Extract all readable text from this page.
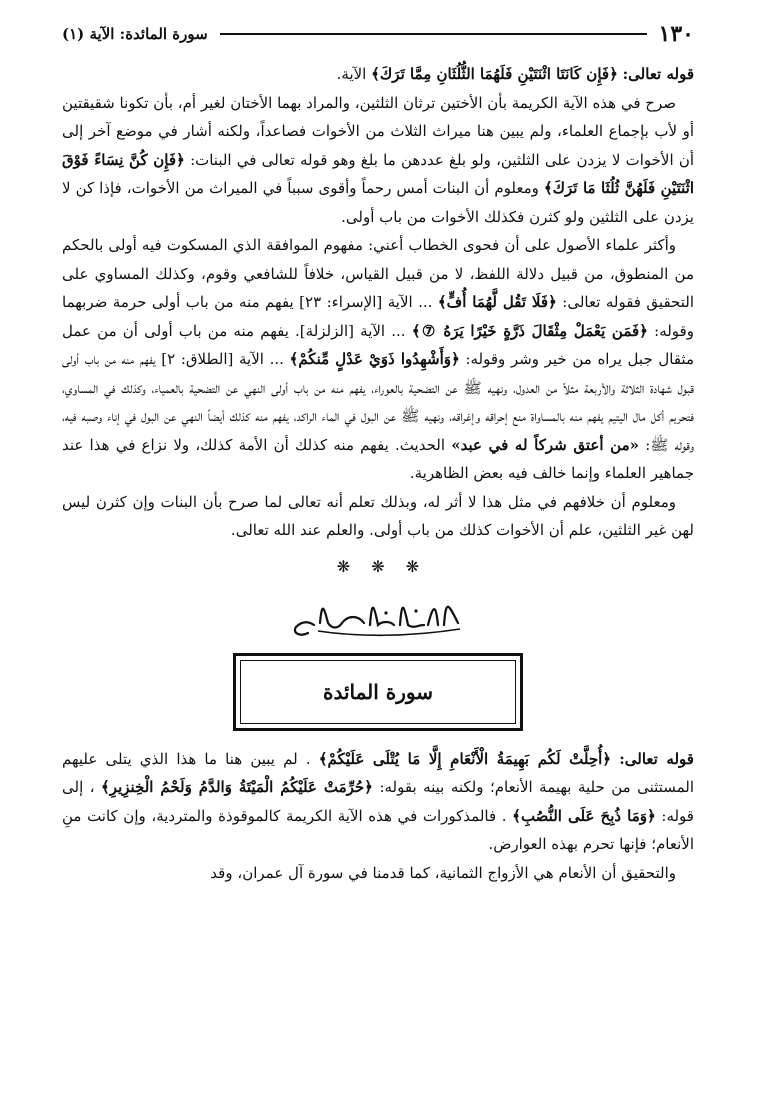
١٣٠
سورة المائدة: الآية (١)

قوله تعالى: ﴿فَإِن كَانَتَا اثْنَتَيْنِ فَلَهُمَا الثُّلُثَانِ مِمَّا تَرَكَ﴾ الآية.

صرح في هذه الآية الكريمة بأن الأختين ترثان الثلثين، والمراد بهما الأختان لغير أم، بأن تكونا شقيقتين أو لأب بإجماع العلماء، ولم يبين هنا ميراث الثلاث من الأخوات فصاعداً، ولكنه أشار في موضع آخر إلى أن الأخوات لا يزدن على الثلثين، ولو بلغ عددهن ما بلغ وهو قوله تعالى في البنات: ﴿فَإِن كُنَّ نِسَاءً فَوْقَ اثْنَتَيْنِ فَلَهُنَّ ثُلُثَا مَا تَرَكَ﴾ ومعلوم أن البنات أمس رحماً وأقوى سبباً في الميراث من الأخوات، فإذا كن لا يزدن على الثلثين ولو كثرن فكذلك الأخوات من باب أولى.

وأكثر علماء الأصول على أن فحوى الخطاب أعني: مفهوم الموافقة الذي المسكوت فيه أولى بالحكم من المنطوق، من قبيل دلالة اللفظ، لا من قبيل القياس، خلافاً للشافعي وقوم، وكذلك المساوي على التحقيق فقوله تعالى: ﴿فَلَا تَقُل لَّهُمَا أُفٍّ﴾ ... الآية [الإسراء: ٢٣] يفهم منه من باب أولى حرمة ضربهما وقوله: ﴿فَمَن يَعْمَلْ مِثْقَالَ ذَرَّةٍ خَيْرًا يَرَهُ ⑦﴾ ... الآية [الزلزلة]. يفهم منه من باب أولى أن من عمل مثقال جبل يراه من خير وشر وقوله: ﴿وَأَشْهِدُوا ذَوَيْ عَدْلٍ مِّنكُمْ﴾ ... الآية [الطلاق: ٢] يفهم منه من باب أولى قبول شهادة الثلاثة والأربعة مثلاً من العدول، ونهيه ﷺ عن التضحية بالعوراء، يفهم منه من باب أولى النهي عن التضحية بالعمياء، وكذلك في المساوي، فتحريم أكل مال اليتيم يفهم منه بالمساواة منع إحراقه وإغراقه، ونهيه ﷺ عن البول في الماء الراكد، يفهم منه كذلك أيضاً النهي عن البول في إناء وصبه فيه، وقوله ﷺ: «من أعتق شركاً له في عبد» الحديث. يفهم منه كذلك أن الأمة كذلك، ولا نزاع في هذا عند جماهير العلماء وإنما خالف فيه بعض الظاهرية.

ومعلوم أن خلافهم في مثل هذا لا أثر له، وبذلك تعلم أنه تعالى لما صرح بأن البنات وإن كثرن ليس لهن غير الثلثين، علم أن الأخوات كذلك من باب أولى. والعلم عند الله تعالى.

❋ ❋ ❋
سورة المائدة

قوله تعالى: ﴿أُحِلَّتْ لَكُم بَهِيمَةُ الْأَنْعَامِ إِلَّا مَا يُتْلَى عَلَيْكُمْ﴾ . لم يبين هنا ما هذا الذي يتلى عليهم المستثنى من حلية بهيمة الأنعام؛ ولكنه بينه بقوله: ﴿حُرِّمَتْ عَلَيْكُمُ الْمَيْتَةُ وَالدَّمُ وَلَحْمُ الْخِنزِيرِ﴾ ، إلى قوله: ﴿وَمَا ذُبِحَ عَلَى النُّصُبِ﴾ . فالمذكورات في هذه الآية الكريمة كالموقوذة والمتردية، وإن كانت منِ الأنعام؛ فإنها تحرم بهذه العوارض.

والتحقيق أن الأنعام هي الأزواج الثمانية، كما قدمنا في سورة آل عمران، وقد
